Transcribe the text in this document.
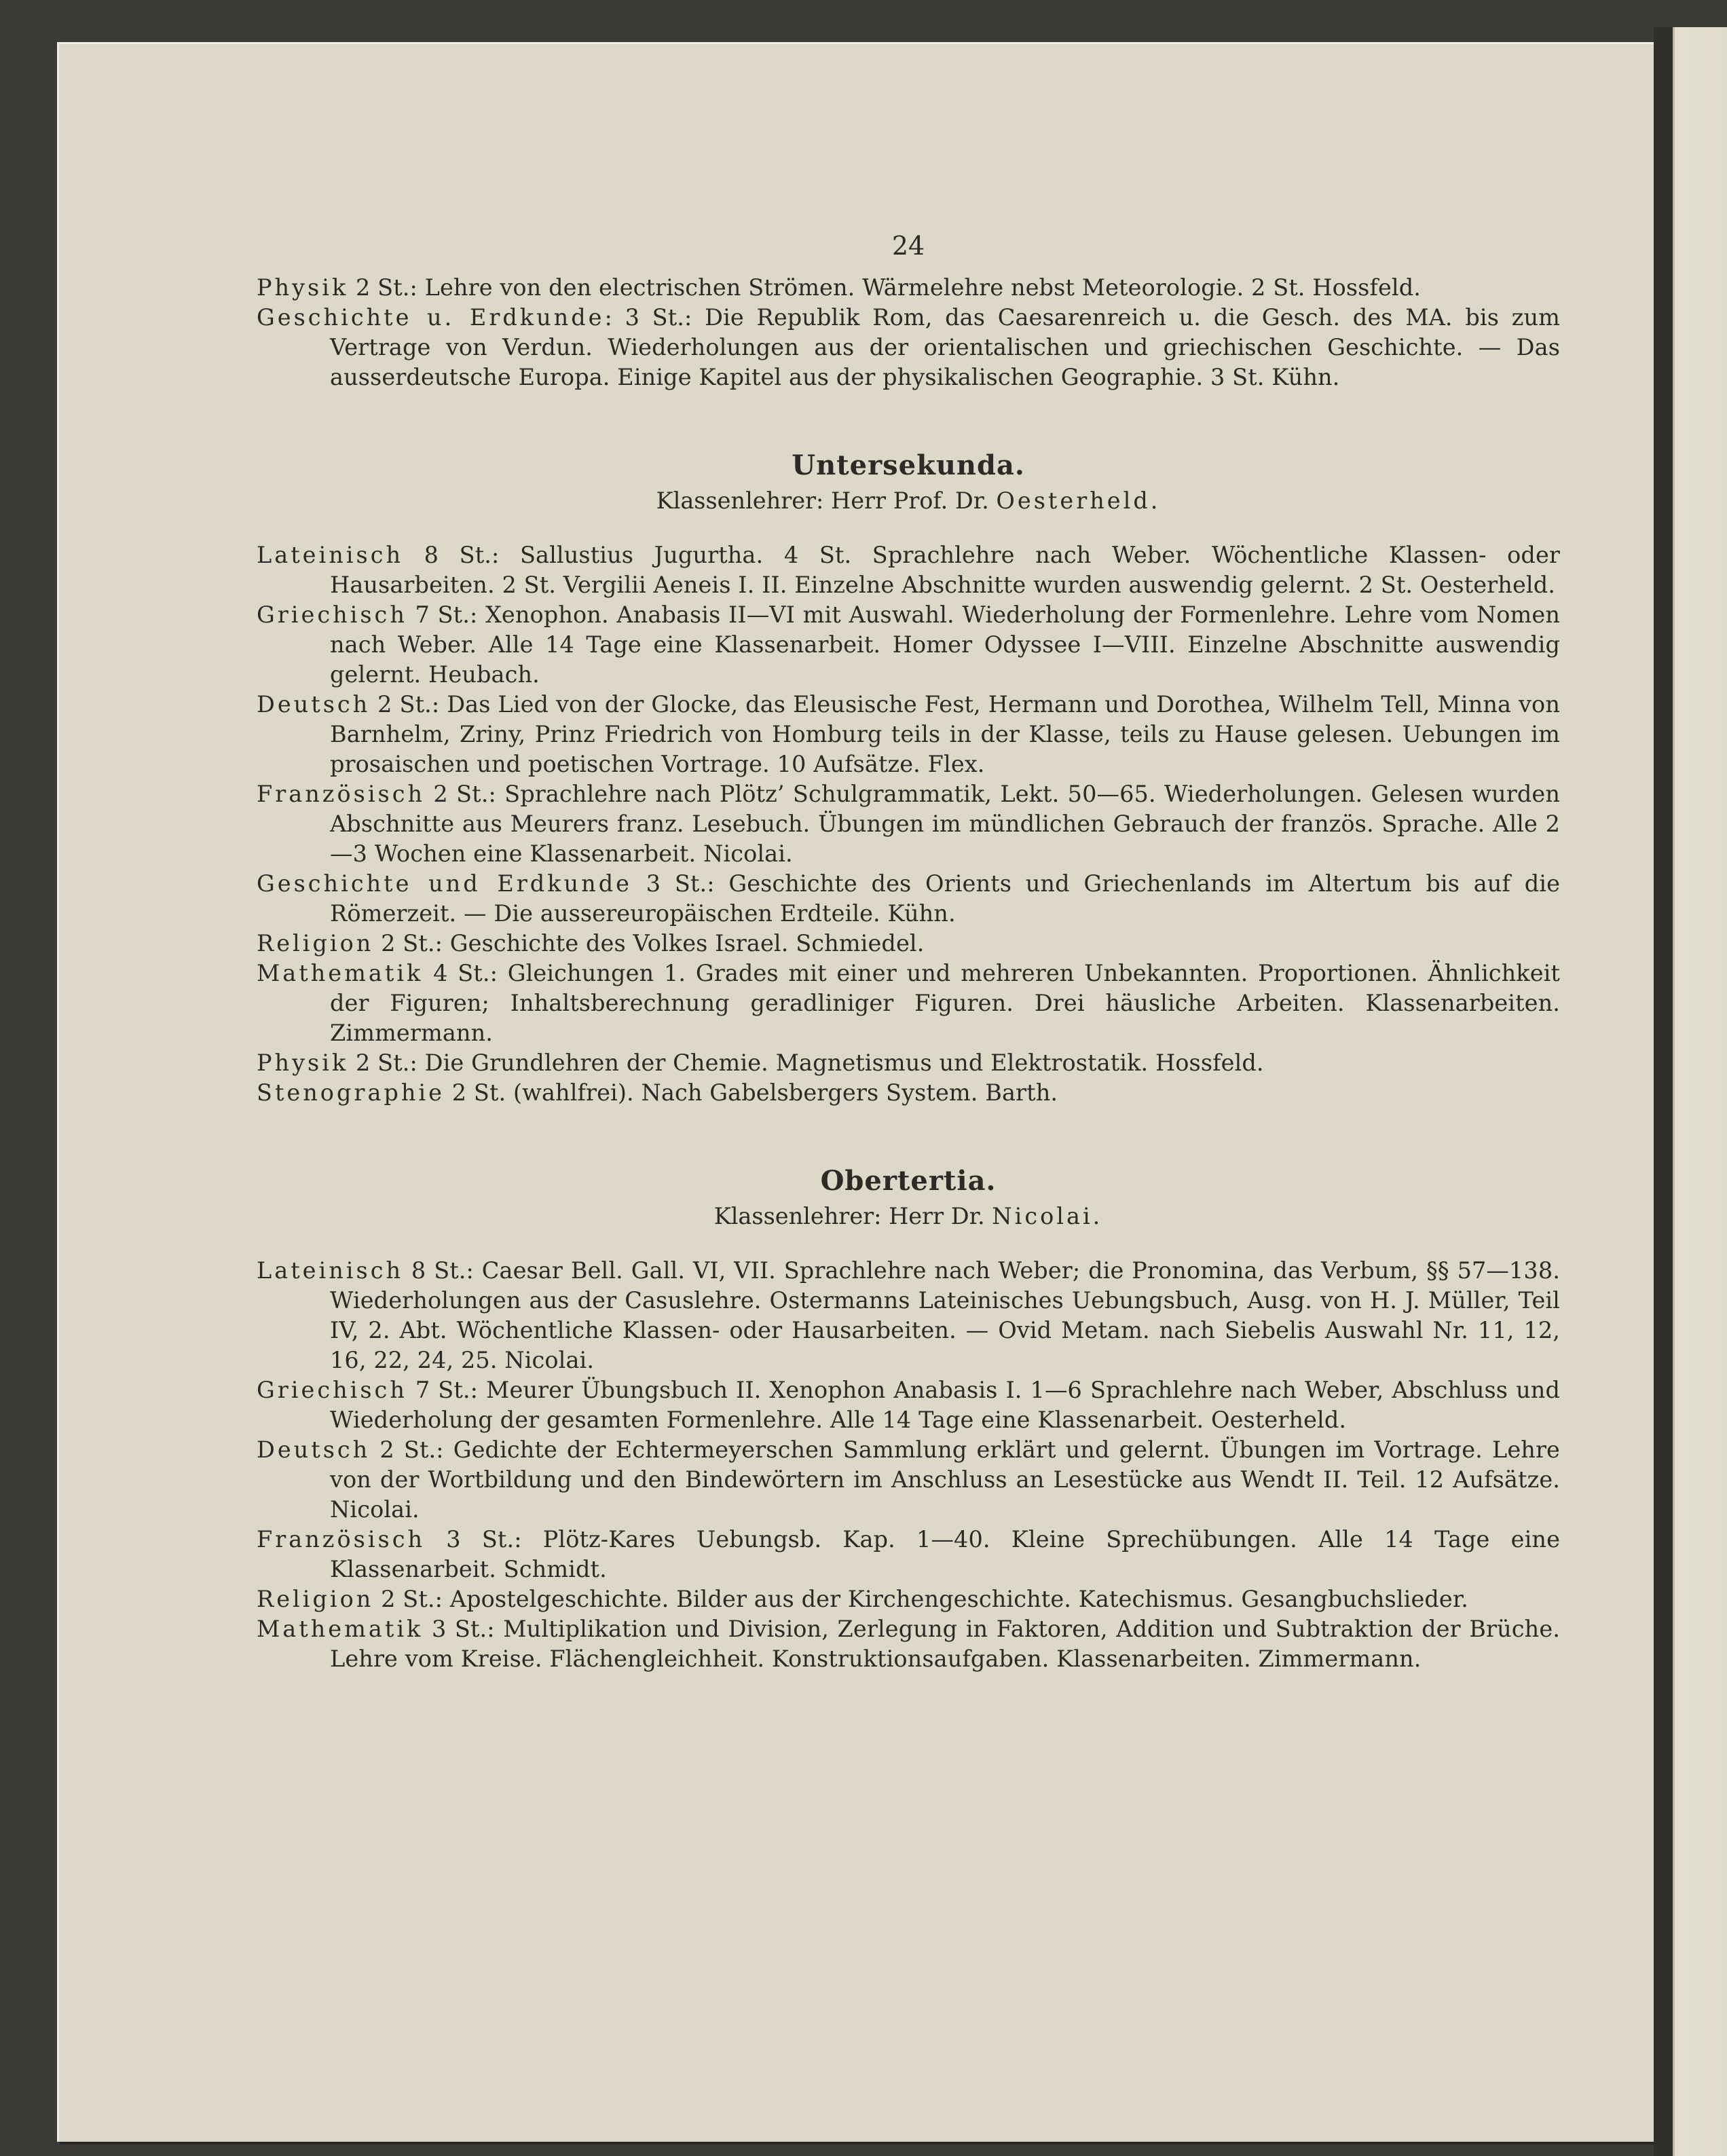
24

Physik 2 St.: Lehre von den electrischen Strömen. Wärmelehre nebst Meteorologie. 2 St. Hossfeld.

Geschichte u. Erdkunde: 3 St.: Die Republik Rom, das Caesarenreich u. die Gesch. des MA. bis zum Vertrage von Verdun. Wiederholungen aus der orientalischen und griechischen Geschichte. — Das ausserdeutsche Europa. Einige Kapitel aus der physikalischen Geographie. 3 St. Kühn.

Untersekunda.
Klassenlehrer: Herr Prof. Dr. Oesterheld.

Lateinisch 8 St.: Sallustius Jugurtha. 4 St. Sprachlehre nach Weber. Wöchentliche Klassen- oder Hausarbeiten. 2 St. Vergilii Aeneis I. II. Einzelne Abschnitte wurden auswendig gelernt. 2 St. Oesterheld.

Griechisch 7 St.: Xenophon. Anabasis II—VI mit Auswahl. Wiederholung der Formenlehre. Lehre vom Nomen nach Weber. Alle 14 Tage eine Klassenarbeit. Homer Odyssee I—VIII. Einzelne Abschnitte auswendig gelernt. Heubach.

Deutsch 2 St.: Das Lied von der Glocke, das Eleusische Fest, Hermann und Dorothea, Wilhelm Tell, Minna von Barnhelm, Zriny, Prinz Friedrich von Homburg teils in der Klasse, teils zu Hause gelesen. Uebungen im prosaischen und poetischen Vortrage. 10 Aufsätze. Flex.

Französisch 2 St.: Sprachlehre nach Plötz’ Schulgrammatik, Lekt. 50—65. Wiederholungen. Gelesen wurden Abschnitte aus Meurers franz. Lesebuch. Übungen im mündlichen Gebrauch der französ. Sprache. Alle 2—3 Wochen eine Klassenarbeit. Nicolai.

Geschichte und Erdkunde 3 St.: Geschichte des Orients und Griechenlands im Altertum bis auf die Römerzeit. — Die aussereuropäischen Erdteile. Kühn.

Religion 2 St.: Geschichte des Volkes Israel. Schmiedel.

Mathematik 4 St.: Gleichungen 1. Grades mit einer und mehreren Unbekannten. Proportionen. Ähnlichkeit der Figuren; Inhaltsberechnung geradliniger Figuren. Drei häusliche Arbeiten. Klassenarbeiten. Zimmermann.

Physik 2 St.: Die Grundlehren der Chemie. Magnetismus und Elektrostatik. Hossfeld.

Stenographie 2 St. (wahlfrei). Nach Gabelsbergers System. Barth.

Obertertia.
Klassenlehrer: Herr Dr. Nicolai.

Lateinisch 8 St.: Caesar Bell. Gall. VI, VII. Sprachlehre nach Weber; die Pronomina, das Verbum, §§ 57—138. Wiederholungen aus der Casuslehre. Ostermanns Lateinisches Uebungsbuch, Ausg. von H. J. Müller, Teil IV, 2. Abt. Wöchentliche Klassen- oder Hausarbeiten. — Ovid Metam. nach Siebelis Auswahl Nr. 11, 12, 16, 22, 24, 25. Nicolai.

Griechisch 7 St.: Meurer Übungsbuch II. Xenophon Anabasis I. 1—6 Sprachlehre nach Weber, Abschluss und Wiederholung der gesamten Formenlehre. Alle 14 Tage eine Klassenarbeit. Oesterheld.

Deutsch 2 St.: Gedichte der Echtermeyerschen Sammlung erklärt und gelernt. Übungen im Vortrage. Lehre von der Wortbildung und den Bindewörtern im Anschluss an Lesestücke aus Wendt II. Teil. 12 Aufsätze. Nicolai.

Französisch 3 St.: Plötz-Kares Uebungsb. Kap. 1—40. Kleine Sprechübungen. Alle 14 Tage eine Klassenarbeit. Schmidt.

Religion 2 St.: Apostelgeschichte. Bilder aus der Kirchengeschichte. Katechismus. Gesangbuchslieder.

Mathematik 3 St.: Multiplikation und Division, Zerlegung in Faktoren, Addition und Subtraktion der Brüche. Lehre vom Kreise. Flächengleichheit. Konstruktionsaufgaben. Klassenarbeiten. Zimmermann.
